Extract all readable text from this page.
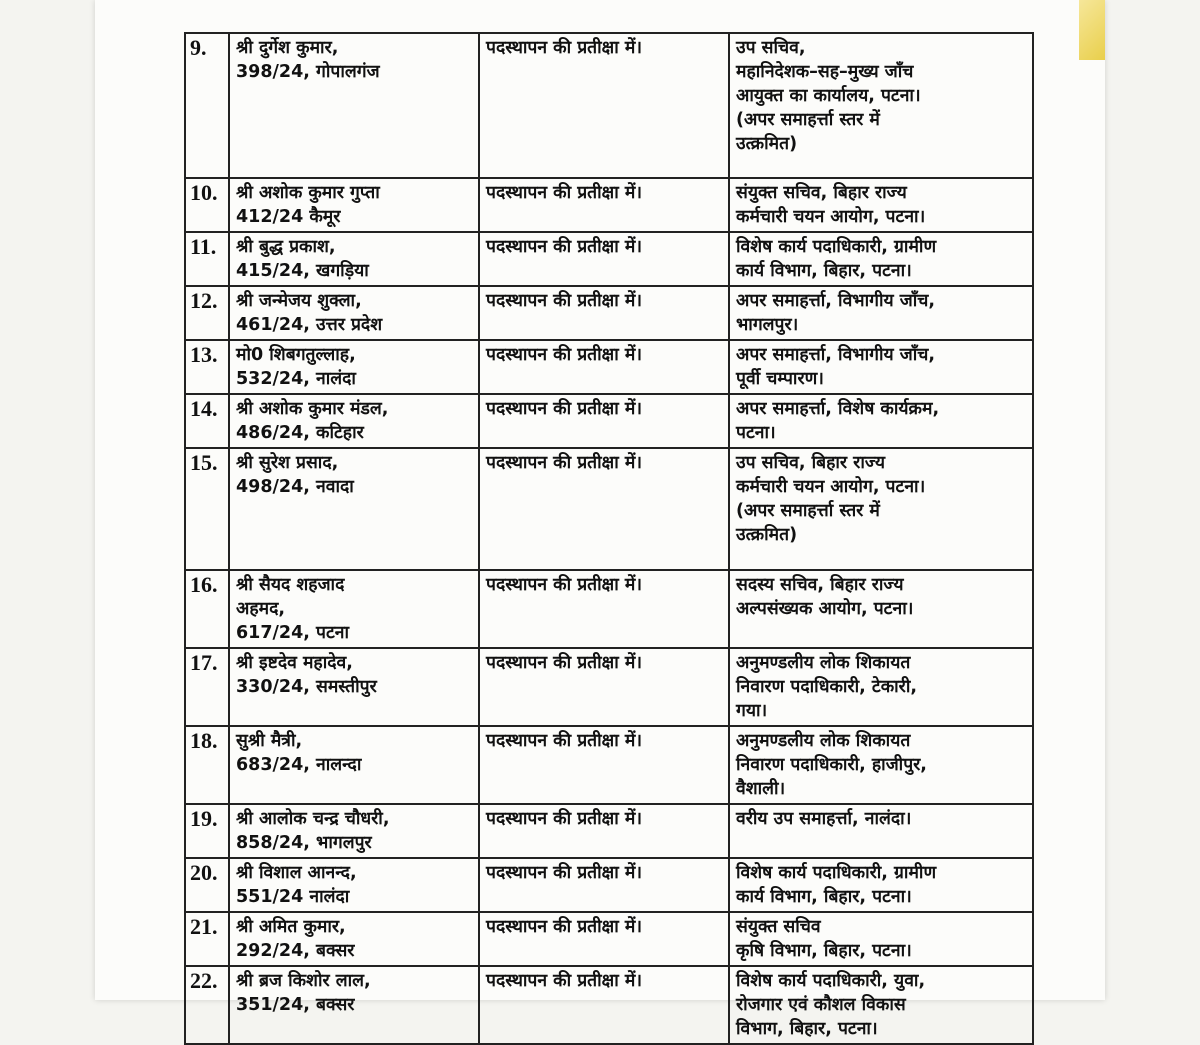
9.	श्री दुर्गेश कुमार,
398/24, गोपालगंज	पदस्थापन की प्रतीक्षा में।	उप सचिव,
महानिदेशक–सह–मुख्य जाँच
आयुक्त का कार्यालय, पटना।
(अपर समाहर्त्ता स्तर में
उत्क्रमित)

10.	श्री अशोक कुमार गुप्ता
412/24 कैमूर	पदस्थापन की प्रतीक्षा में।	संयुक्त सचिव, बिहार राज्य
कर्मचारी चयन आयोग, पटना।

11.	श्री बुद्ध प्रकाश,
415/24, खगड़िया	पदस्थापन की प्रतीक्षा में।	विशेष कार्य पदाधिकारी, ग्रामीण
कार्य विभाग, बिहार, पटना।

12.	श्री जन्मेजय शुक्ला,
461/24, उत्तर प्रदेश	पदस्थापन की प्रतीक्षा में।	अपर समाहर्त्ता, विभागीय जाँच,
भागलपुर।

13.	मो0 शिबगतुल्लाह,
532/24, नालंदा	पदस्थापन की प्रतीक्षा में।	अपर समाहर्त्ता, विभागीय जाँच,
पूर्वी चम्पारण।

14.	श्री अशोक कुमार मंडल,
486/24, कटिहार	पदस्थापन की प्रतीक्षा में।	अपर समाहर्त्ता, विशेष कार्यक्रम,
पटना।

15.	श्री सुरेश प्रसाद,
498/24, नवादा	पदस्थापन की प्रतीक्षा में।	उप सचिव, बिहार राज्य
कर्मचारी चयन आयोग, पटना।
(अपर समाहर्त्ता स्तर में
उत्क्रमित)

16.	श्री सैयद शहजाद
अहमद,
617/24, पटना	पदस्थापन की प्रतीक्षा में।	सदस्य सचिव, बिहार राज्य
अल्पसंख्यक आयोग, पटना।

17.	श्री इष्टदेव महादेव,
330/24, समस्तीपुर	पदस्थापन की प्रतीक्षा में।	अनुमण्डलीय लोक शिकायत
निवारण पदाधिकारी, टेकारी,
गया।

18.	सुश्री मैत्री,
683/24, नालन्दा	पदस्थापन की प्रतीक्षा में।	अनुमण्डलीय लोक शिकायत
निवारण पदाधिकारी, हाजीपुर,
वैशाली।

19.	श्री आलोक चन्द्र चौधरी,
858/24, भागलपुर	पदस्थापन की प्रतीक्षा में।	वरीय उप समाहर्त्ता, नालंदा।

20.	श्री विशाल आनन्द,
551/24 नालंदा	पदस्थापन की प्रतीक्षा में।	विशेष कार्य पदाधिकारी, ग्रामीण
कार्य विभाग, बिहार, पटना।

21.	श्री अमित कुमार,
292/24, बक्सर	पदस्थापन की प्रतीक्षा में।	संयुक्त सचिव
कृषि विभाग, बिहार, पटना।

22.	श्री ब्रज किशोर लाल,
351/24, बक्सर	पदस्थापन की प्रतीक्षा में।	विशेष कार्य पदाधिकारी, युवा,
रोजगार एवं कौशल विकास
विभाग, बिहार, पटना।
